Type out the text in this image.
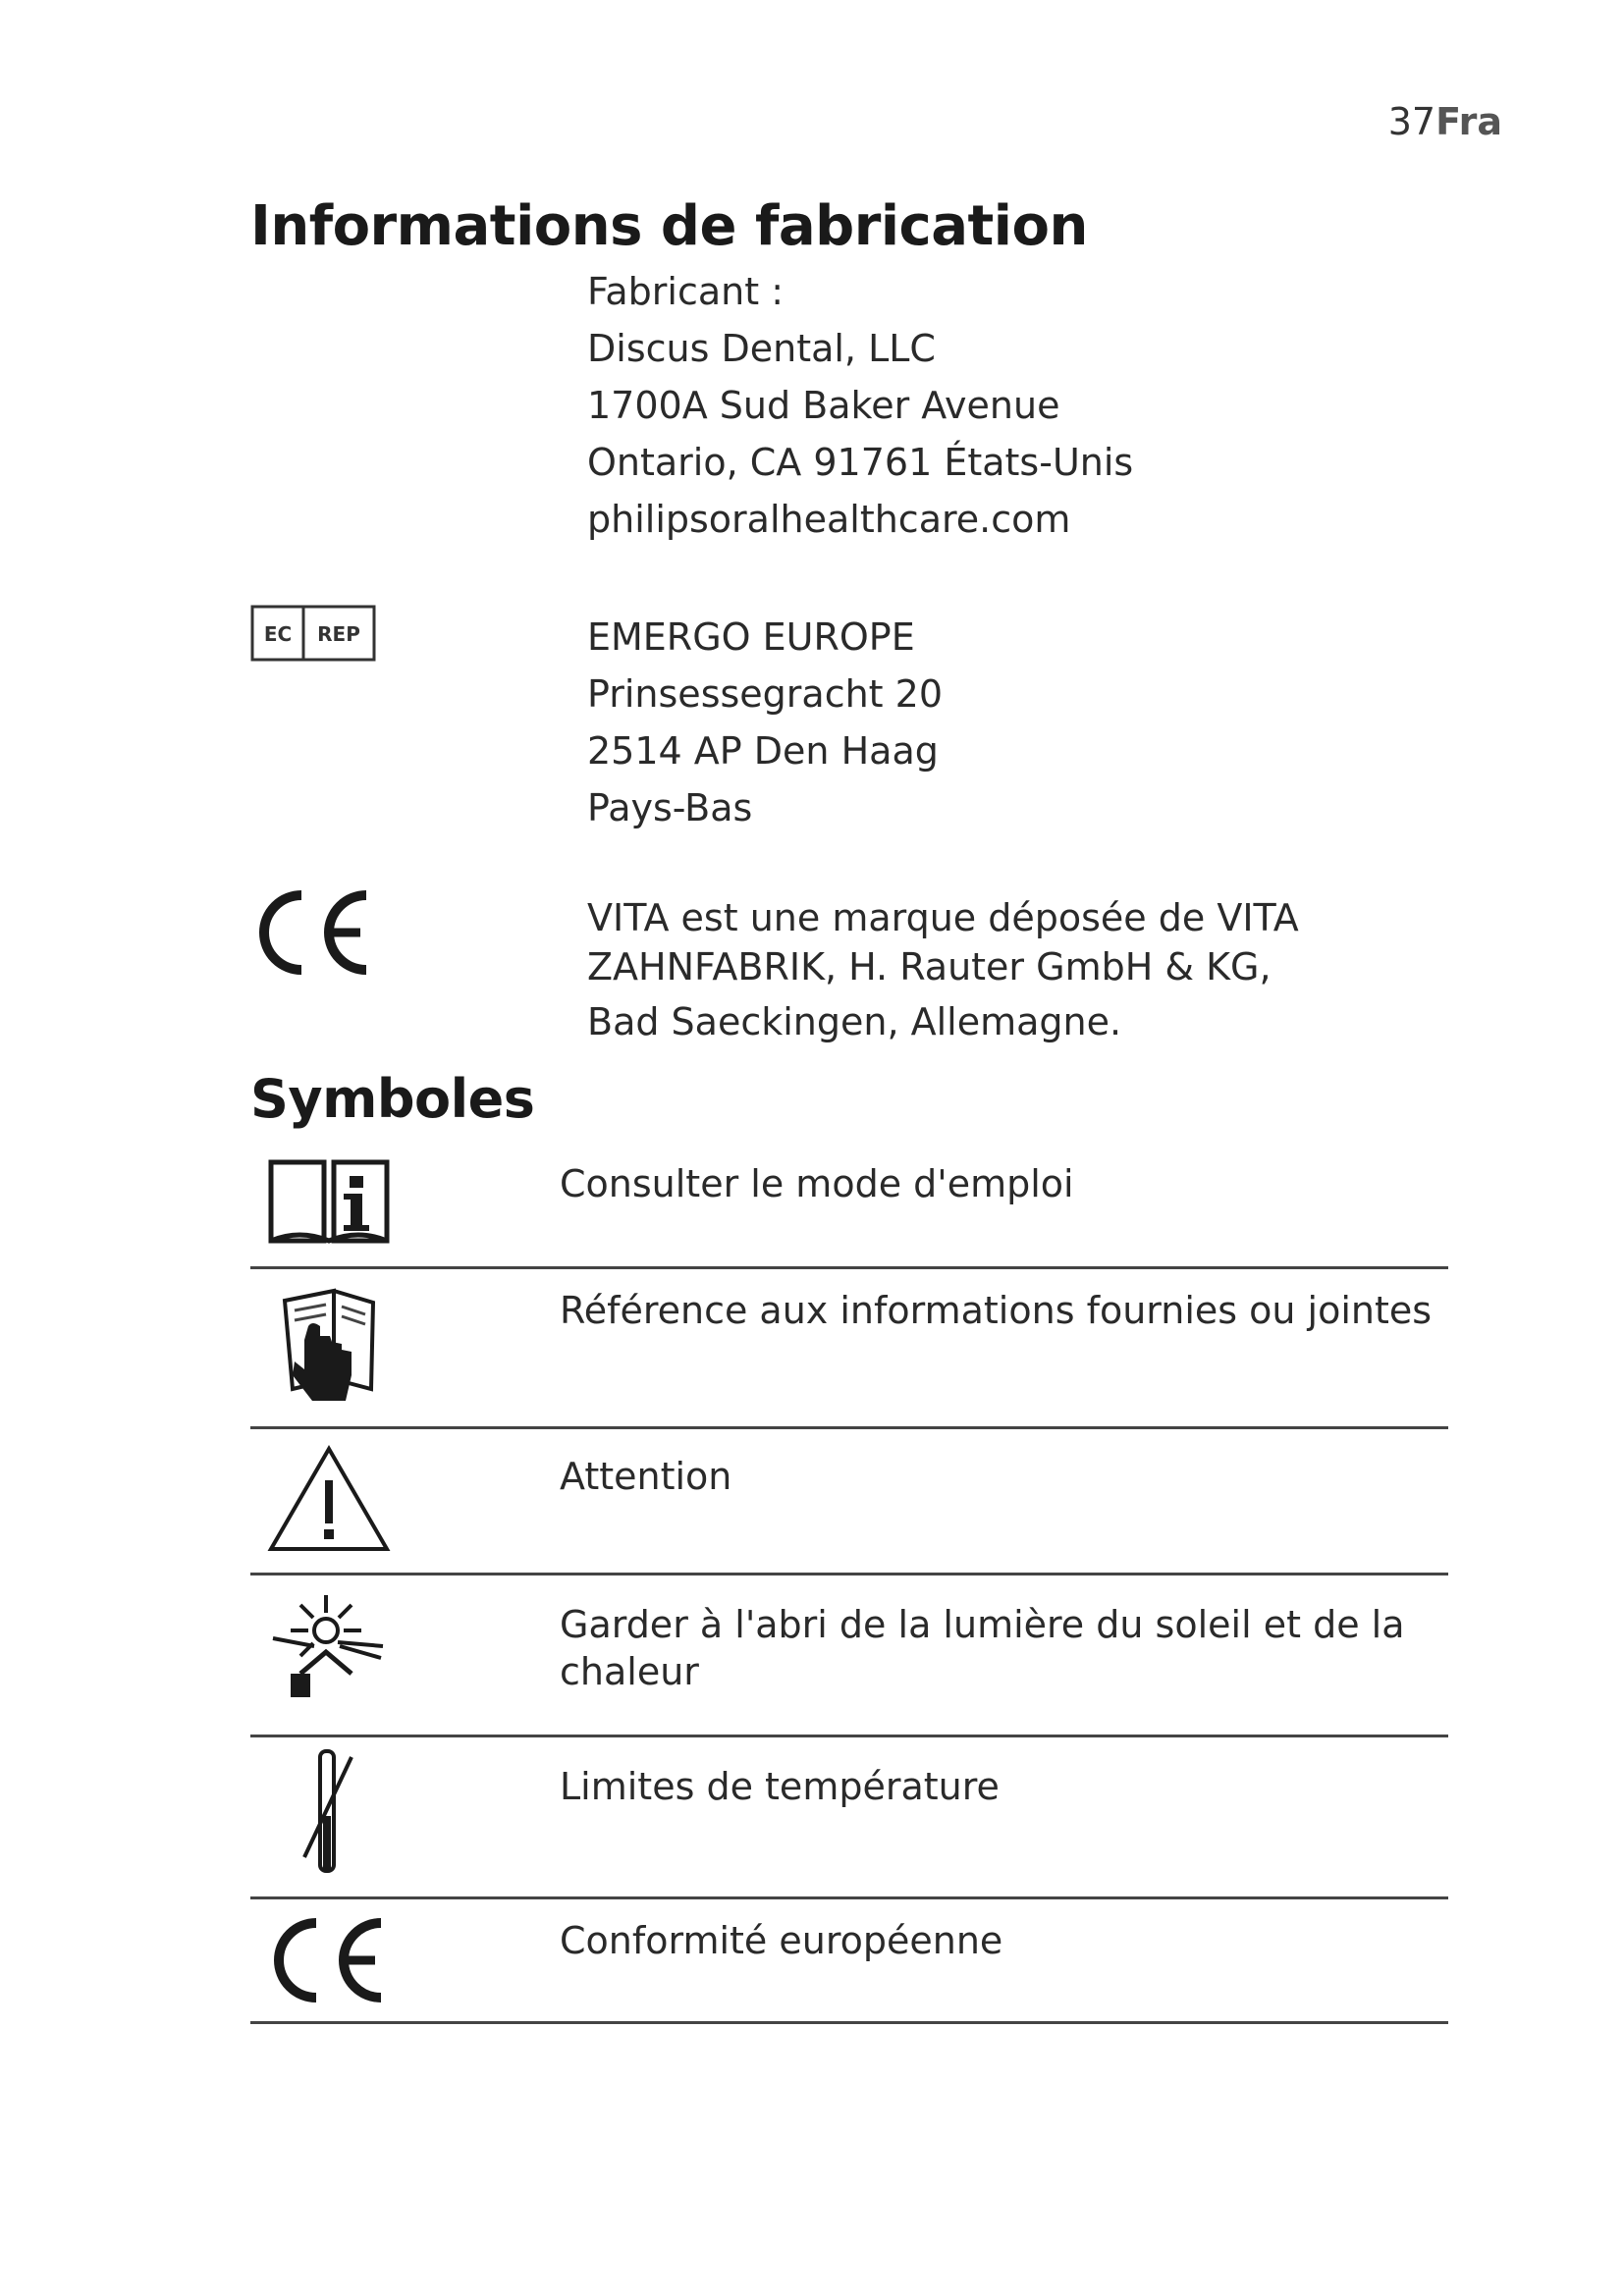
37Fra
Informations de fabrication
Fabricant :
Discus Dental, LLC
1700A Sud Baker Avenue
Ontario, CA 91761 États-Unis
philipsoralhealthcare.com
EC REP	EMERGO EUROPE
Prinsessegracht 20
2514 AP Den Haag
Pays-Bas
VITA est une marque déposée de VITA
ZAHNFABRIK, H. Rauter GmbH & KG,
Bad Saeckingen, Allemagne.
Symboles
Consulter le mode d'emploi
Référence aux informations fournies ou jointes
Attention
Garder à l'abri de la lumière du soleil et de la chaleur
Limites de température
Conformité européenne
